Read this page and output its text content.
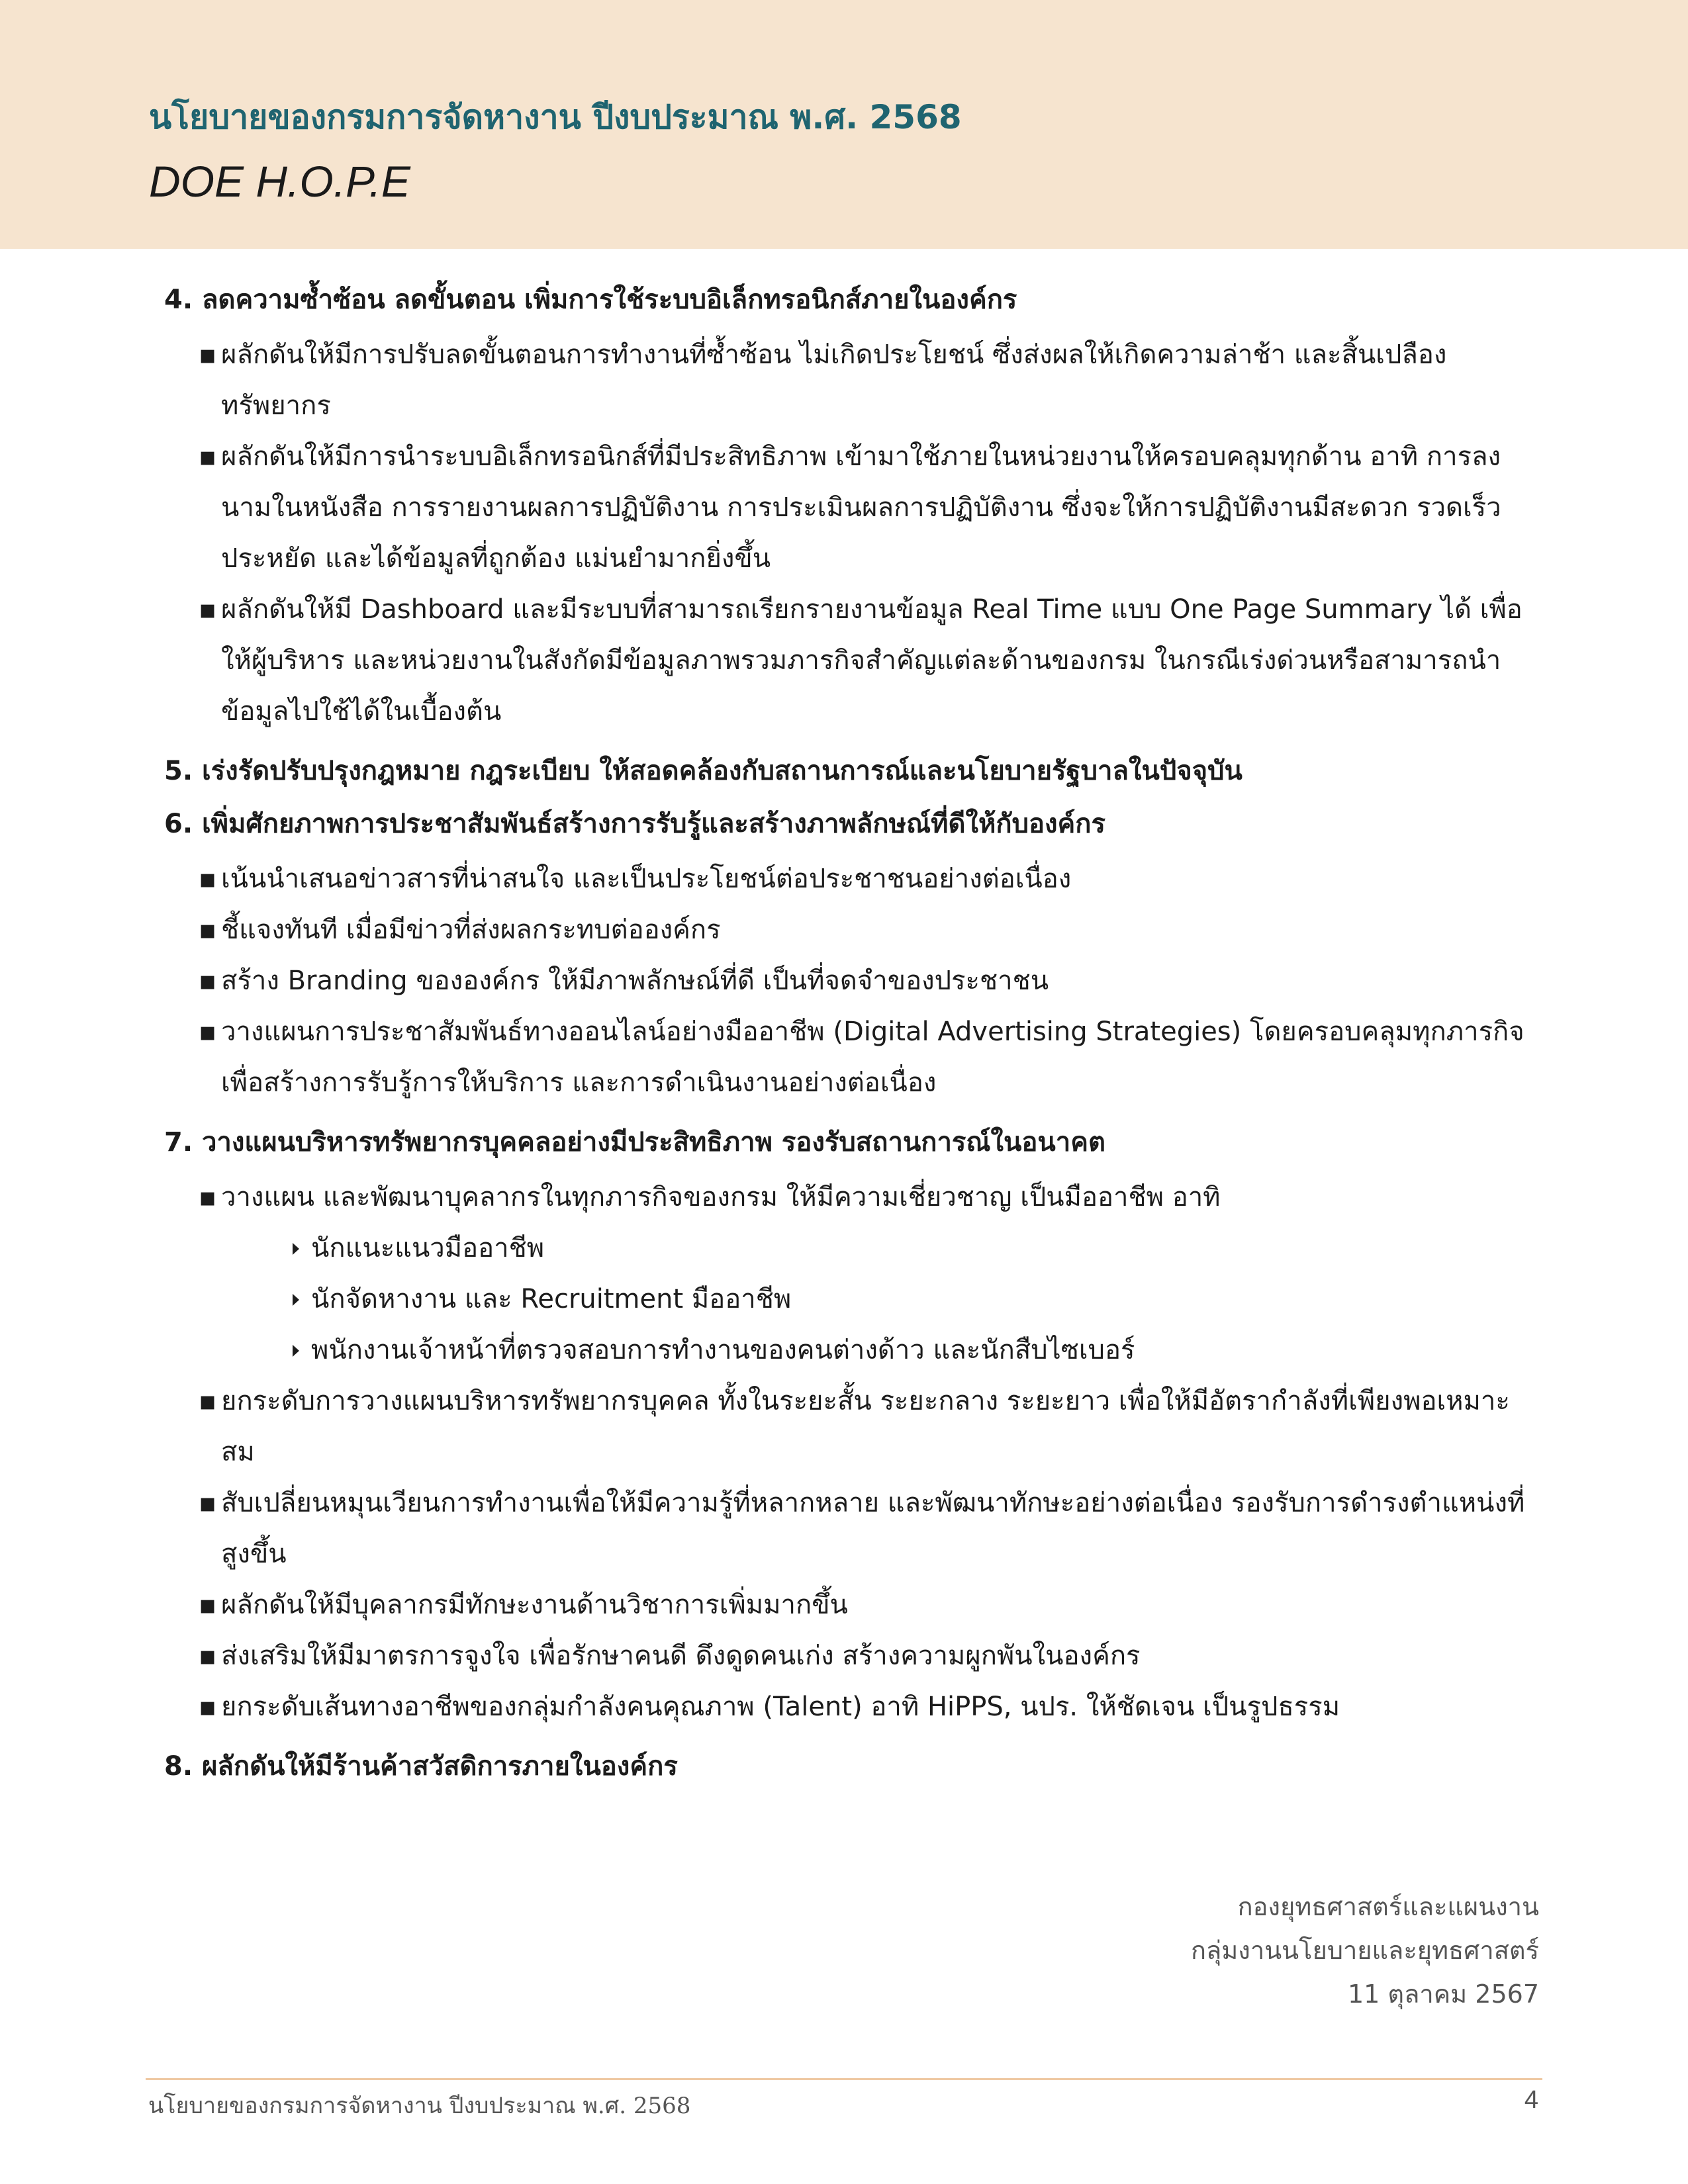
นโยบายของกรมการจัดหางาน ปีงบประมาณ พ.ศ. 2568
DOE H.O.P.E

4. ลดความซ้ำซ้อน ลดขั้นตอน เพิ่มการใช้ระบบอิเล็กทรอนิกส์ภายในองค์กร

▪ ผลักดันให้มีการปรับลดขั้นตอนการทำงานที่ซ้ำซ้อน ไม่เกิดประโยชน์ ซึ่งส่งผลให้เกิดความล่าช้า และสิ้นเปลืองทรัพยากร
▪ ผลักดันให้มีการนำระบบอิเล็กทรอนิกส์ที่มีประสิทธิภาพ เข้ามาใช้ภายในหน่วยงานให้ครอบคลุมทุกด้าน อาทิ การลงนามในหนังสือ การรายงานผลการปฏิบัติงาน การประเมินผลการปฏิบัติงาน ซึ่งจะให้การปฏิบัติงานมีสะดวก รวดเร็ว ประหยัด และได้ข้อมูลที่ถูกต้อง แม่นยำมากยิ่งขึ้น
▪ ผลักดันให้มี Dashboard และมีระบบที่สามารถเรียกรายงานข้อมูล Real Time แบบ One Page Summary ได้ เพื่อให้ผู้บริหาร และหน่วยงานในสังกัดมีข้อมูลภาพรวมภารกิจสำคัญแต่ละด้านของกรม ในกรณีเร่งด่วนหรือสามารถนำข้อมูลไปใช้ได้ในเบื้องต้น

5. เร่งรัดปรับปรุงกฎหมาย กฎระเบียบ ให้สอดคล้องกับสถานการณ์และนโยบายรัฐบาลในปัจจุบัน

6. เพิ่มศักยภาพการประชาสัมพันธ์สร้างการรับรู้และสร้างภาพลักษณ์ที่ดีให้กับองค์กร

▪ เน้นนำเสนอข่าวสารที่น่าสนใจ และเป็นประโยชน์ต่อประชาชนอย่างต่อเนื่อง
▪ ชี้แจงทันที เมื่อมีข่าวที่ส่งผลกระทบต่อองค์กร
▪ สร้าง Branding ขององค์กร ให้มีภาพลักษณ์ที่ดี เป็นที่จดจำของประชาชน
▪ วางแผนการประชาสัมพันธ์ทางออนไลน์อย่างมืออาชีพ (Digital Advertising Strategies) โดยครอบคลุมทุกภารกิจ เพื่อสร้างการรับรู้การให้บริการ และการดำเนินงานอย่างต่อเนื่อง

7. วางแผนบริหารทรัพยากรบุคคลอย่างมีประสิทธิภาพ รองรับสถานการณ์ในอนาคต

▪ วางแผน และพัฒนาบุคลากรในทุกภารกิจของกรม ให้มีความเชี่ยวชาญ เป็นมืออาชีพ อาทิ
นักแนะแนวมืออาชีพ
นักจัดหางาน และ Recruitment มืออาชีพ
พนักงานเจ้าหน้าที่ตรวจสอบการทำงานของคนต่างด้าว และนักสืบไซเบอร์
▪ ยกระดับการวางแผนบริหารทรัพยากรบุคคล ทั้งในระยะสั้น ระยะกลาง ระยะยาว เพื่อให้มีอัตรากำลังที่เพียงพอเหมาะสม
▪ สับเปลี่ยนหมุนเวียนการทำงานเพื่อให้มีความรู้ที่หลากหลาย และพัฒนาทักษะอย่างต่อเนื่อง รองรับการดำรงตำแหน่งที่สูงขึ้น
▪ ผลักดันให้มีบุคลากรมีทักษะงานด้านวิชาการเพิ่มมากขึ้น
▪ ส่งเสริมให้มีมาตรการจูงใจ เพื่อรักษาคนดี ดึงดูดคนเก่ง สร้างความผูกพันในองค์กร
▪ ยกระดับเส้นทางอาชีพของกลุ่มกำลังคนคุณภาพ (Talent) อาทิ HiPPS, นปร. ให้ชัดเจน เป็นรูปธรรม

8. ผลักดันให้มีร้านค้าสวัสดิการภายในองค์กร

กองยุทธศาสตร์และแผนงาน
กลุ่มงานนโยบายและยุทธศาสตร์
11 ตุลาคม 2567
นโยบายของกรมการจัดหางาน ปีงบประมาณ พ.ศ. 2568	4
